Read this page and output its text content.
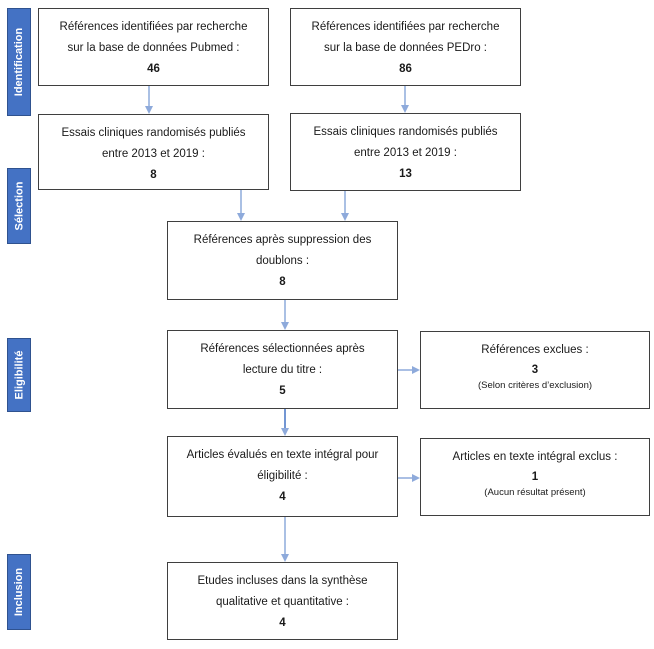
Identification
Sélection
Eligibilité
Inclusion
Références identifiées par recherche
sur la base de données Pubmed :
46
Références identifiées par recherche
sur la base de données PEDro :
86
Essais cliniques randomisés publiés
entre 2013 et 2019 :
8
Essais cliniques randomisés publiés
entre 2013 et 2019 :
13
Références après suppression des
doublons :
8
Références sélectionnées après
lecture du titre :
5
Références exclues :
3
(Selon critères d’exclusion)
Articles évalués en texte intégral pour
éligibilité :
4
Articles en texte intégral exclus :
1
(Aucun résultat présent)
Etudes incluses dans la synthèse
qualitative et quantitative :
4
